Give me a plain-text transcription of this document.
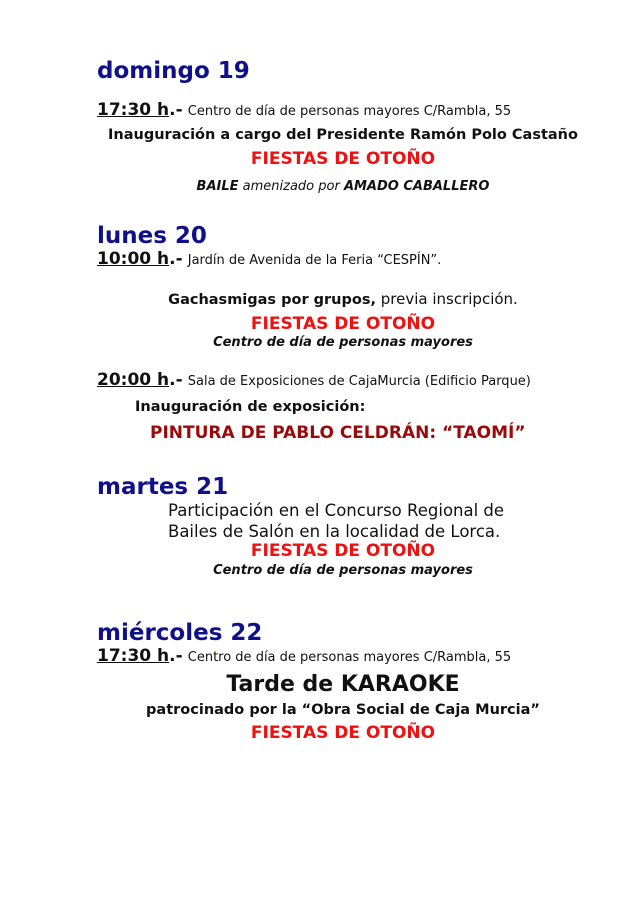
domingo 19
17:30 h.- Centro de día de personas mayores C/Rambla, 55
Inauguración a cargo del Presidente Ramón Polo Castaño
FIESTAS DE OTOÑO
BAILE amenizado por AMADO CABALLERO
lunes 20
10:00 h.- Jardín de Avenida de la Feria “CESPÍN”.
Gachasmigas por grupos, previa inscripción.
FIESTAS DE OTOÑO
Centro de día de personas mayores
20:00 h.- Sala de Exposiciones de CajaMurcia (Edificio Parque)
Inauguración de exposición:
PINTURA DE PABLO CELDRÁN: “TAOMÍ”
martes 21
Participación en el Concurso Regional de
Bailes de Salón en la localidad de Lorca.
FIESTAS DE OTOÑO
Centro de día de personas mayores
miércoles 22
17:30 h.- Centro de día de personas mayores C/Rambla, 55
Tarde de KARAOKE
patrocinado por la “Obra Social de Caja Murcia”
FIESTAS DE OTOÑO
